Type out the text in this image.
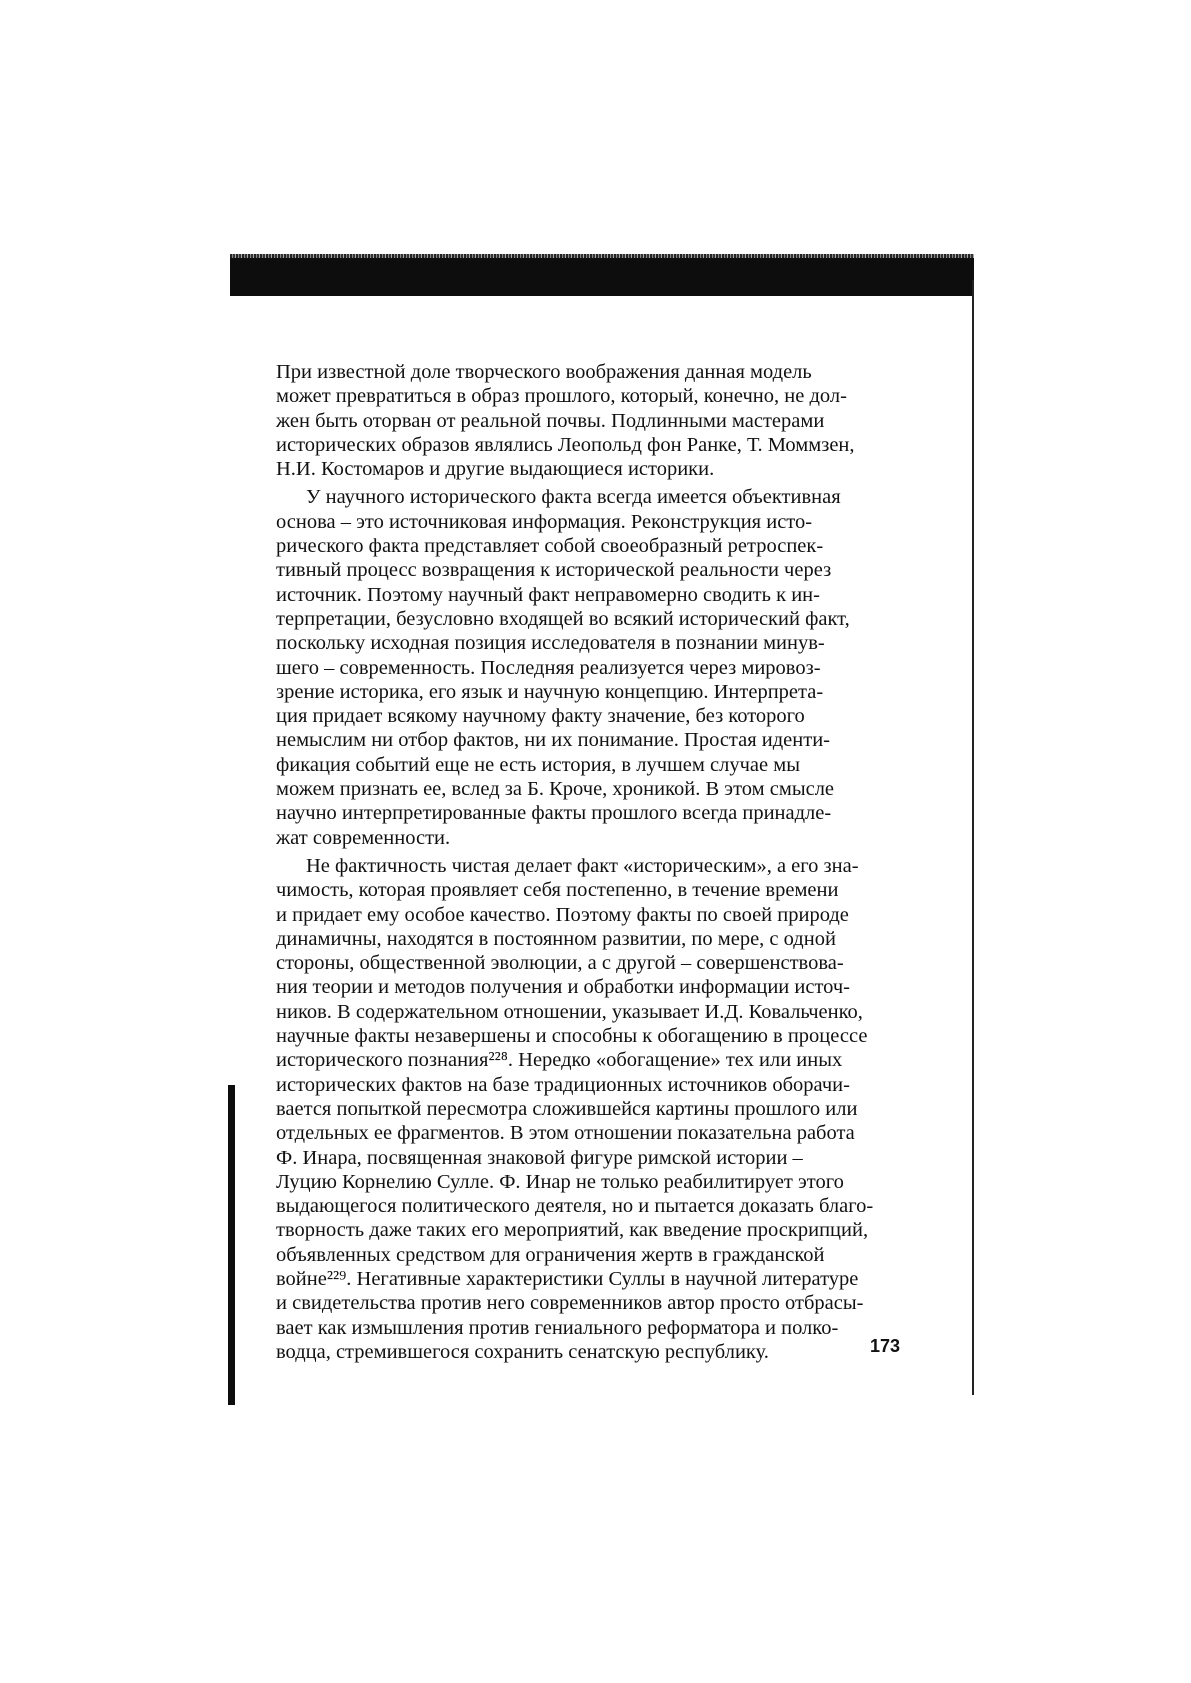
При известной доле творческого воображения данная модель
может превратиться в образ прошлого, который, конечно, не дол-
жен быть оторван от реальной почвы. Подлинными мастерами
исторических образов являлись Леопольд фон Ранке, Т. Моммзен,
Н.И. Костомаров и другие выдающиеся историки.
У научного исторического факта всегда имеется объективная
основа – это источниковая информация. Реконструкция исто-
рического факта представляет собой своеобразный ретроспек-
тивный процесс возвращения к исторической реальности через
источник. Поэтому научный факт неправомерно сводить к ин-
терпретации, безусловно входящей во всякий исторический факт,
поскольку исходная позиция исследователя в познании минув-
шего – современность. Последняя реализуется через мировоз-
зрение историка, его язык и научную концепцию. Интерпрета-
ция придает всякому научному факту значение, без которого
немыслим ни отбор фактов, ни их понимание. Простая иденти-
фикация событий еще не есть история, в лучшем случае мы
можем признать ее, вслед за Б. Кроче, хроникой. В этом смысле
научно интерпретированные факты прошлого всегда принадле-
жат современности.
Не фактичность чистая делает факт «историческим», а его зна-
чимость, которая проявляет себя постепенно, в течение времени
и придает ему особое качество. Поэтому факты по своей природе
динамичны, находятся в постоянном развитии, по мере, с одной
стороны, общественной эволюции, а с другой – совершенствова-
ния теории и методов получения и обработки информации источ-
ников. В содержательном отношении, указывает И.Д. Ковальченко,
научные факты незавершены и способны к обогащению в процессе
исторического познания²²⁸. Нередко «обогащение» тех или иных
исторических фактов на базе традиционных источников оборачи-
вается попыткой пересмотра сложившейся картины прошлого или
отдельных ее фрагментов. В этом отношении показательна работа
Ф. Инара, посвященная знаковой фигуре римской истории –
Луцию Корнелию Сулле. Ф. Инар не только реабилитирует этого
выдающегося политического деятеля, но и пытается доказать благо-
творность даже таких его мероприятий, как введение проскрипций,
объявленных средством для ограничения жертв в гражданской
войне²²⁹. Негативные характеристики Суллы в научной литературе
и свидетельства против него современников автор просто отбрасы-
вает как измышления против гениального реформатора и полко-
водца, стремившегося сохранить сенатскую республику.	173
